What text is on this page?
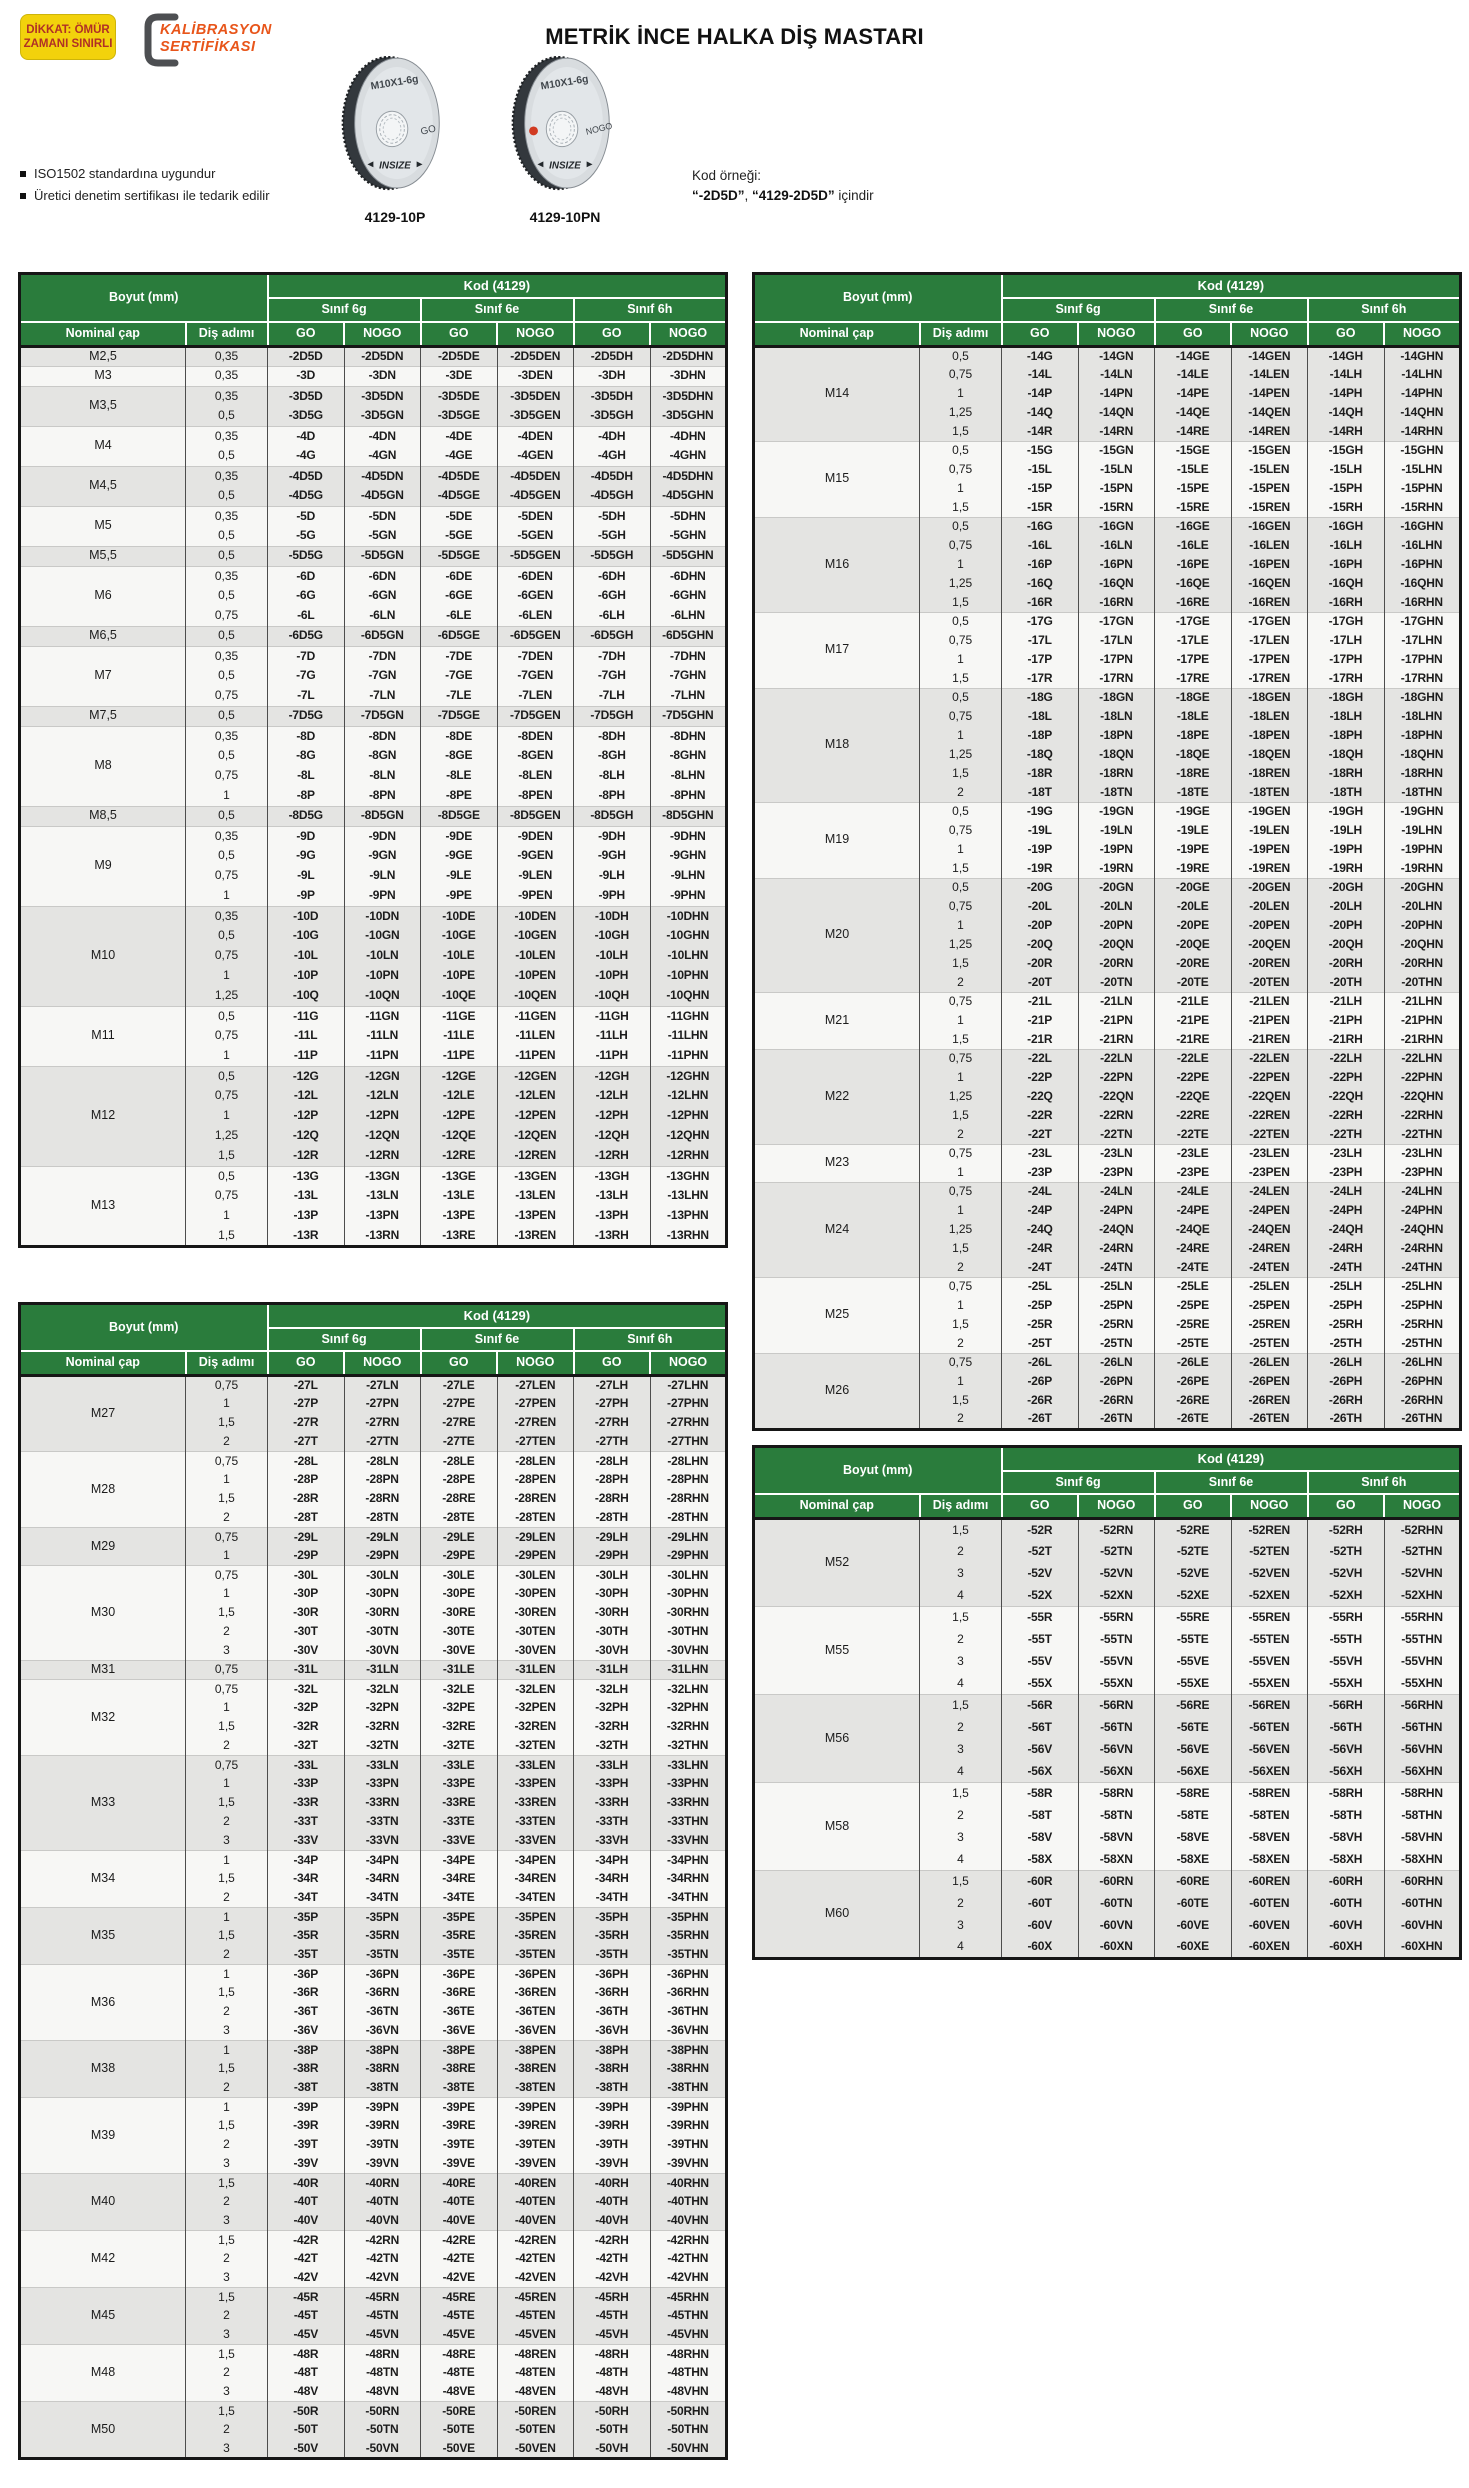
DİKKAT: ÖMÜR
ZAMANI SINIRLI
KALİBRASYON
SERTİFİKASI	METRİK İNCE HALKA DİŞ MASTARI
M10X1-6g
GO
INSIZE
4129-10P
M10X1-6g
NOGO
INSIZE
4129-10PN
ISO1502 standardına uygundur
Üretici denetim sertifikası ile tedarik edilir
Kod örneği:
“-2D5D”, “4129-2D5D” içindir
Boyut (mm)		Kod (4129)					
		Sınıf 6g		Sınıf 6e		Sınıf 6h	
Nominal çap	Diş adımı	GO	NOGO	GO	NOGO	GO	NOGO
M2,5	0,35	-2D5D	-2D5DN	-2D5DE	-2D5DEN	-2D5DH	-2D5DHN
M3	0,35	-3D	-3DN	-3DE	-3DEN	-3DH	-3DHN
M3,5	0,35	-3D5D	-3D5DN	-3D5DE	-3D5DEN	-3D5DH	-3D5DHN
	0,5	-3D5G	-3D5GN	-3D5GE	-3D5GEN	-3D5GH	-3D5GHN
M4	0,35	-4D	-4DN	-4DE	-4DEN	-4DH	-4DHN
	0,5	-4G	-4GN	-4GE	-4GEN	-4GH	-4GHN
M4,5	0,35	-4D5D	-4D5DN	-4D5DE	-4D5DEN	-4D5DH	-4D5DHN
	0,5	-4D5G	-4D5GN	-4D5GE	-4D5GEN	-4D5GH	-4D5GHN
M5	0,35	-5D	-5DN	-5DE	-5DEN	-5DH	-5DHN
	0,5	-5G	-5GN	-5GE	-5GEN	-5GH	-5GHN
M5,5	0,5	-5D5G	-5D5GN	-5D5GE	-5D5GEN	-5D5GH	-5D5GHN
M6	0,35	-6D	-6DN	-6DE	-6DEN	-6DH	-6DHN
	0,5	-6G	-6GN	-6GE	-6GEN	-6GH	-6GHN
	0,75	-6L	-6LN	-6LE	-6LEN	-6LH	-6LHN
M6,5	0,5	-6D5G	-6D5GN	-6D5GE	-6D5GEN	-6D5GH	-6D5GHN
M7	0,35	-7D	-7DN	-7DE	-7DEN	-7DH	-7DHN
	0,5	-7G	-7GN	-7GE	-7GEN	-7GH	-7GHN
	0,75	-7L	-7LN	-7LE	-7LEN	-7LH	-7LHN
M7,5	0,5	-7D5G	-7D5GN	-7D5GE	-7D5GEN	-7D5GH	-7D5GHN
M8	0,35	-8D	-8DN	-8DE	-8DEN	-8DH	-8DHN
	0,5	-8G	-8GN	-8GE	-8GEN	-8GH	-8GHN
	0,75	-8L	-8LN	-8LE	-8LEN	-8LH	-8LHN
	1	-8P	-8PN	-8PE	-8PEN	-8PH	-8PHN
M8,5	0,5	-8D5G	-8D5GN	-8D5GE	-8D5GEN	-8D5GH	-8D5GHN
M9	0,35	-9D	-9DN	-9DE	-9DEN	-9DH	-9DHN
	0,5	-9G	-9GN	-9GE	-9GEN	-9GH	-9GHN
	0,75	-9L	-9LN	-9LE	-9LEN	-9LH	-9LHN
	1	-9P	-9PN	-9PE	-9PEN	-9PH	-9PHN
M10	0,35	-10D	-10DN	-10DE	-10DEN	-10DH	-10DHN
	0,5	-10G	-10GN	-10GE	-10GEN	-10GH	-10GHN
	0,75	-10L	-10LN	-10LE	-10LEN	-10LH	-10LHN
	1	-10P	-10PN	-10PE	-10PEN	-10PH	-10PHN
	1,25	-10Q	-10QN	-10QE	-10QEN	-10QH	-10QHN
M11	0,5	-11G	-11GN	-11GE	-11GEN	-11GH	-11GHN
	0,75	-11L	-11LN	-11LE	-11LEN	-11LH	-11LHN
	1	-11P	-11PN	-11PE	-11PEN	-11PH	-11PHN
M12	0,5	-12G	-12GN	-12GE	-12GEN	-12GH	-12GHN
	0,75	-12L	-12LN	-12LE	-12LEN	-12LH	-12LHN
	1	-12P	-12PN	-12PE	-12PEN	-12PH	-12PHN
	1,25	-12Q	-12QN	-12QE	-12QEN	-12QH	-12QHN
	1,5	-12R	-12RN	-12RE	-12REN	-12RH	-12RHN
M13	0,5	-13G	-13GN	-13GE	-13GEN	-13GH	-13GHN
	0,75	-13L	-13LN	-13LE	-13LEN	-13LH	-13LHN
	1	-13P	-13PN	-13PE	-13PEN	-13PH	-13PHN
	1,5	-13R	-13RN	-13RE	-13REN	-13RH	-13RHN
Boyut (mm)		Kod (4129)					
		Sınıf 6g		Sınıf 6e		Sınıf 6h	
Nominal çap	Diş adımı	GO	NOGO	GO	NOGO	GO	NOGO
M27	0,75	-27L	-27LN	-27LE	-27LEN	-27LH	-27LHN
	1	-27P	-27PN	-27PE	-27PEN	-27PH	-27PHN
	1,5	-27R	-27RN	-27RE	-27REN	-27RH	-27RHN
	2	-27T	-27TN	-27TE	-27TEN	-27TH	-27THN
M28	0,75	-28L	-28LN	-28LE	-28LEN	-28LH	-28LHN
	1	-28P	-28PN	-28PE	-28PEN	-28PH	-28PHN
	1,5	-28R	-28RN	-28RE	-28REN	-28RH	-28RHN
	2	-28T	-28TN	-28TE	-28TEN	-28TH	-28THN
M29	0,75	-29L	-29LN	-29LE	-29LEN	-29LH	-29LHN
	1	-29P	-29PN	-29PE	-29PEN	-29PH	-29PHN
M30	0,75	-30L	-30LN	-30LE	-30LEN	-30LH	-30LHN
	1	-30P	-30PN	-30PE	-30PEN	-30PH	-30PHN
	1,5	-30R	-30RN	-30RE	-30REN	-30RH	-30RHN
	2	-30T	-30TN	-30TE	-30TEN	-30TH	-30THN
	3	-30V	-30VN	-30VE	-30VEN	-30VH	-30VHN
M31	0,75	-31L	-31LN	-31LE	-31LEN	-31LH	-31LHN
M32	0,75	-32L	-32LN	-32LE	-32LEN	-32LH	-32LHN
	1	-32P	-32PN	-32PE	-32PEN	-32PH	-32PHN
	1,5	-32R	-32RN	-32RE	-32REN	-32RH	-32RHN
	2	-32T	-32TN	-32TE	-32TEN	-32TH	-32THN
M33	0,75	-33L	-33LN	-33LE	-33LEN	-33LH	-33LHN
	1	-33P	-33PN	-33PE	-33PEN	-33PH	-33PHN
	1,5	-33R	-33RN	-33RE	-33REN	-33RH	-33RHN
	2	-33T	-33TN	-33TE	-33TEN	-33TH	-33THN
	3	-33V	-33VN	-33VE	-33VEN	-33VH	-33VHN
M34	1	-34P	-34PN	-34PE	-34PEN	-34PH	-34PHN
	1,5	-34R	-34RN	-34RE	-34REN	-34RH	-34RHN
	2	-34T	-34TN	-34TE	-34TEN	-34TH	-34THN
M35	1	-35P	-35PN	-35PE	-35PEN	-35PH	-35PHN
	1,5	-35R	-35RN	-35RE	-35REN	-35RH	-35RHN
	2	-35T	-35TN	-35TE	-35TEN	-35TH	-35THN
M36	1	-36P	-36PN	-36PE	-36PEN	-36PH	-36PHN
	1,5	-36R	-36RN	-36RE	-36REN	-36RH	-36RHN
	2	-36T	-36TN	-36TE	-36TEN	-36TH	-36THN
	3	-36V	-36VN	-36VE	-36VEN	-36VH	-36VHN
M38	1	-38P	-38PN	-38PE	-38PEN	-38PH	-38PHN
	1,5	-38R	-38RN	-38RE	-38REN	-38RH	-38RHN
	2	-38T	-38TN	-38TE	-38TEN	-38TH	-38THN
M39	1	-39P	-39PN	-39PE	-39PEN	-39PH	-39PHN
	1,5	-39R	-39RN	-39RE	-39REN	-39RH	-39RHN
	2	-39T	-39TN	-39TE	-39TEN	-39TH	-39THN
	3	-39V	-39VN	-39VE	-39VEN	-39VH	-39VHN
M40	1,5	-40R	-40RN	-40RE	-40REN	-40RH	-40RHN
	2	-40T	-40TN	-40TE	-40TEN	-40TH	-40THN
	3	-40V	-40VN	-40VE	-40VEN	-40VH	-40VHN
M42	1,5	-42R	-42RN	-42RE	-42REN	-42RH	-42RHN
	2	-42T	-42TN	-42TE	-42TEN	-42TH	-42THN
	3	-42V	-42VN	-42VE	-42VEN	-42VH	-42VHN
M45	1,5	-45R	-45RN	-45RE	-45REN	-45RH	-45RHN
	2	-45T	-45TN	-45TE	-45TEN	-45TH	-45THN
	3	-45V	-45VN	-45VE	-45VEN	-45VH	-45VHN
M48	1,5	-48R	-48RN	-48RE	-48REN	-48RH	-48RHN
	2	-48T	-48TN	-48TE	-48TEN	-48TH	-48THN
	3	-48V	-48VN	-48VE	-48VEN	-48VH	-48VHN
M50	1,5	-50R	-50RN	-50RE	-50REN	-50RH	-50RHN
	2	-50T	-50TN	-50TE	-50TEN	-50TH	-50THN
	3	-50V	-50VN	-50VE	-50VEN	-50VH	-50VHN
Boyut (mm)		Kod (4129)					
		Sınıf 6g		Sınıf 6e		Sınıf 6h	
Nominal çap	Diş adımı	GO	NOGO	GO	NOGO	GO	NOGO
M14	0,5	-14G	-14GN	-14GE	-14GEN	-14GH	-14GHN
	0,75	-14L	-14LN	-14LE	-14LEN	-14LH	-14LHN
	1	-14P	-14PN	-14PE	-14PEN	-14PH	-14PHN
	1,25	-14Q	-14QN	-14QE	-14QEN	-14QH	-14QHN
	1,5	-14R	-14RN	-14RE	-14REN	-14RH	-14RHN
M15	0,5	-15G	-15GN	-15GE	-15GEN	-15GH	-15GHN
	0,75	-15L	-15LN	-15LE	-15LEN	-15LH	-15LHN
	1	-15P	-15PN	-15PE	-15PEN	-15PH	-15PHN
	1,5	-15R	-15RN	-15RE	-15REN	-15RH	-15RHN
M16	0,5	-16G	-16GN	-16GE	-16GEN	-16GH	-16GHN
	0,75	-16L	-16LN	-16LE	-16LEN	-16LH	-16LHN
	1	-16P	-16PN	-16PE	-16PEN	-16PH	-16PHN
	1,25	-16Q	-16QN	-16QE	-16QEN	-16QH	-16QHN
	1,5	-16R	-16RN	-16RE	-16REN	-16RH	-16RHN
M17	0,5	-17G	-17GN	-17GE	-17GEN	-17GH	-17GHN
	0,75	-17L	-17LN	-17LE	-17LEN	-17LH	-17LHN
	1	-17P	-17PN	-17PE	-17PEN	-17PH	-17PHN
	1,5	-17R	-17RN	-17RE	-17REN	-17RH	-17RHN
M18	0,5	-18G	-18GN	-18GE	-18GEN	-18GH	-18GHN
	0,75	-18L	-18LN	-18LE	-18LEN	-18LH	-18LHN
	1	-18P	-18PN	-18PE	-18PEN	-18PH	-18PHN
	1,25	-18Q	-18QN	-18QE	-18QEN	-18QH	-18QHN
	1,5	-18R	-18RN	-18RE	-18REN	-18RH	-18RHN
	2	-18T	-18TN	-18TE	-18TEN	-18TH	-18THN
M19	0,5	-19G	-19GN	-19GE	-19GEN	-19GH	-19GHN
	0,75	-19L	-19LN	-19LE	-19LEN	-19LH	-19LHN
	1	-19P	-19PN	-19PE	-19PEN	-19PH	-19PHN
	1,5	-19R	-19RN	-19RE	-19REN	-19RH	-19RHN
M20	0,5	-20G	-20GN	-20GE	-20GEN	-20GH	-20GHN
	0,75	-20L	-20LN	-20LE	-20LEN	-20LH	-20LHN
	1	-20P	-20PN	-20PE	-20PEN	-20PH	-20PHN
	1,25	-20Q	-20QN	-20QE	-20QEN	-20QH	-20QHN
	1,5	-20R	-20RN	-20RE	-20REN	-20RH	-20RHN
	2	-20T	-20TN	-20TE	-20TEN	-20TH	-20THN
M21	0,75	-21L	-21LN	-21LE	-21LEN	-21LH	-21LHN
	1	-21P	-21PN	-21PE	-21PEN	-21PH	-21PHN
	1,5	-21R	-21RN	-21RE	-21REN	-21RH	-21RHN
M22	0,75	-22L	-22LN	-22LE	-22LEN	-22LH	-22LHN
	1	-22P	-22PN	-22PE	-22PEN	-22PH	-22PHN
	1,25	-22Q	-22QN	-22QE	-22QEN	-22QH	-22QHN
	1,5	-22R	-22RN	-22RE	-22REN	-22RH	-22RHN
	2	-22T	-22TN	-22TE	-22TEN	-22TH	-22THN
M23	0,75	-23L	-23LN	-23LE	-23LEN	-23LH	-23LHN
	1	-23P	-23PN	-23PE	-23PEN	-23PH	-23PHN
M24	0,75	-24L	-24LN	-24LE	-24LEN	-24LH	-24LHN
	1	-24P	-24PN	-24PE	-24PEN	-24PH	-24PHN
	1,25	-24Q	-24QN	-24QE	-24QEN	-24QH	-24QHN
	1,5	-24R	-24RN	-24RE	-24REN	-24RH	-24RHN
	2	-24T	-24TN	-24TE	-24TEN	-24TH	-24THN
M25	0,75	-25L	-25LN	-25LE	-25LEN	-25LH	-25LHN
	1	-25P	-25PN	-25PE	-25PEN	-25PH	-25PHN
	1,5	-25R	-25RN	-25RE	-25REN	-25RH	-25RHN
	2	-25T	-25TN	-25TE	-25TEN	-25TH	-25THN
M26	0,75	-26L	-26LN	-26LE	-26LEN	-26LH	-26LHN
	1	-26P	-26PN	-26PE	-26PEN	-26PH	-26PHN
	1,5	-26R	-26RN	-26RE	-26REN	-26RH	-26RHN
	2	-26T	-26TN	-26TE	-26TEN	-26TH	-26THN
Boyut (mm)		Kod (4129)					
		Sınıf 6g		Sınıf 6e		Sınıf 6h	
Nominal çap	Diş adımı	GO	NOGO	GO	NOGO	GO	NOGO
M52	1,5	-52R	-52RN	-52RE	-52REN	-52RH	-52RHN
	2	-52T	-52TN	-52TE	-52TEN	-52TH	-52THN
	3	-52V	-52VN	-52VE	-52VEN	-52VH	-52VHN
	4	-52X	-52XN	-52XE	-52XEN	-52XH	-52XHN
M55	1,5	-55R	-55RN	-55RE	-55REN	-55RH	-55RHN
	2	-55T	-55TN	-55TE	-55TEN	-55TH	-55THN
	3	-55V	-55VN	-55VE	-55VEN	-55VH	-55VHN
	4	-55X	-55XN	-55XE	-55XEN	-55XH	-55XHN
M56	1,5	-56R	-56RN	-56RE	-56REN	-56RH	-56RHN
	2	-56T	-56TN	-56TE	-56TEN	-56TH	-56THN
	3	-56V	-56VN	-56VE	-56VEN	-56VH	-56VHN
	4	-56X	-56XN	-56XE	-56XEN	-56XH	-56XHN
M58	1,5	-58R	-58RN	-58RE	-58REN	-58RH	-58RHN
	2	-58T	-58TN	-58TE	-58TEN	-58TH	-58THN
	3	-58V	-58VN	-58VE	-58VEN	-58VH	-58VHN
	4	-58X	-58XN	-58XE	-58XEN	-58XH	-58XHN
M60	1,5	-60R	-60RN	-60RE	-60REN	-60RH	-60RHN
	2	-60T	-60TN	-60TE	-60TEN	-60TH	-60THN
	3	-60V	-60VN	-60VE	-60VEN	-60VH	-60VHN
	4	-60X	-60XN	-60XE	-60XEN	-60XH	-60XHN
